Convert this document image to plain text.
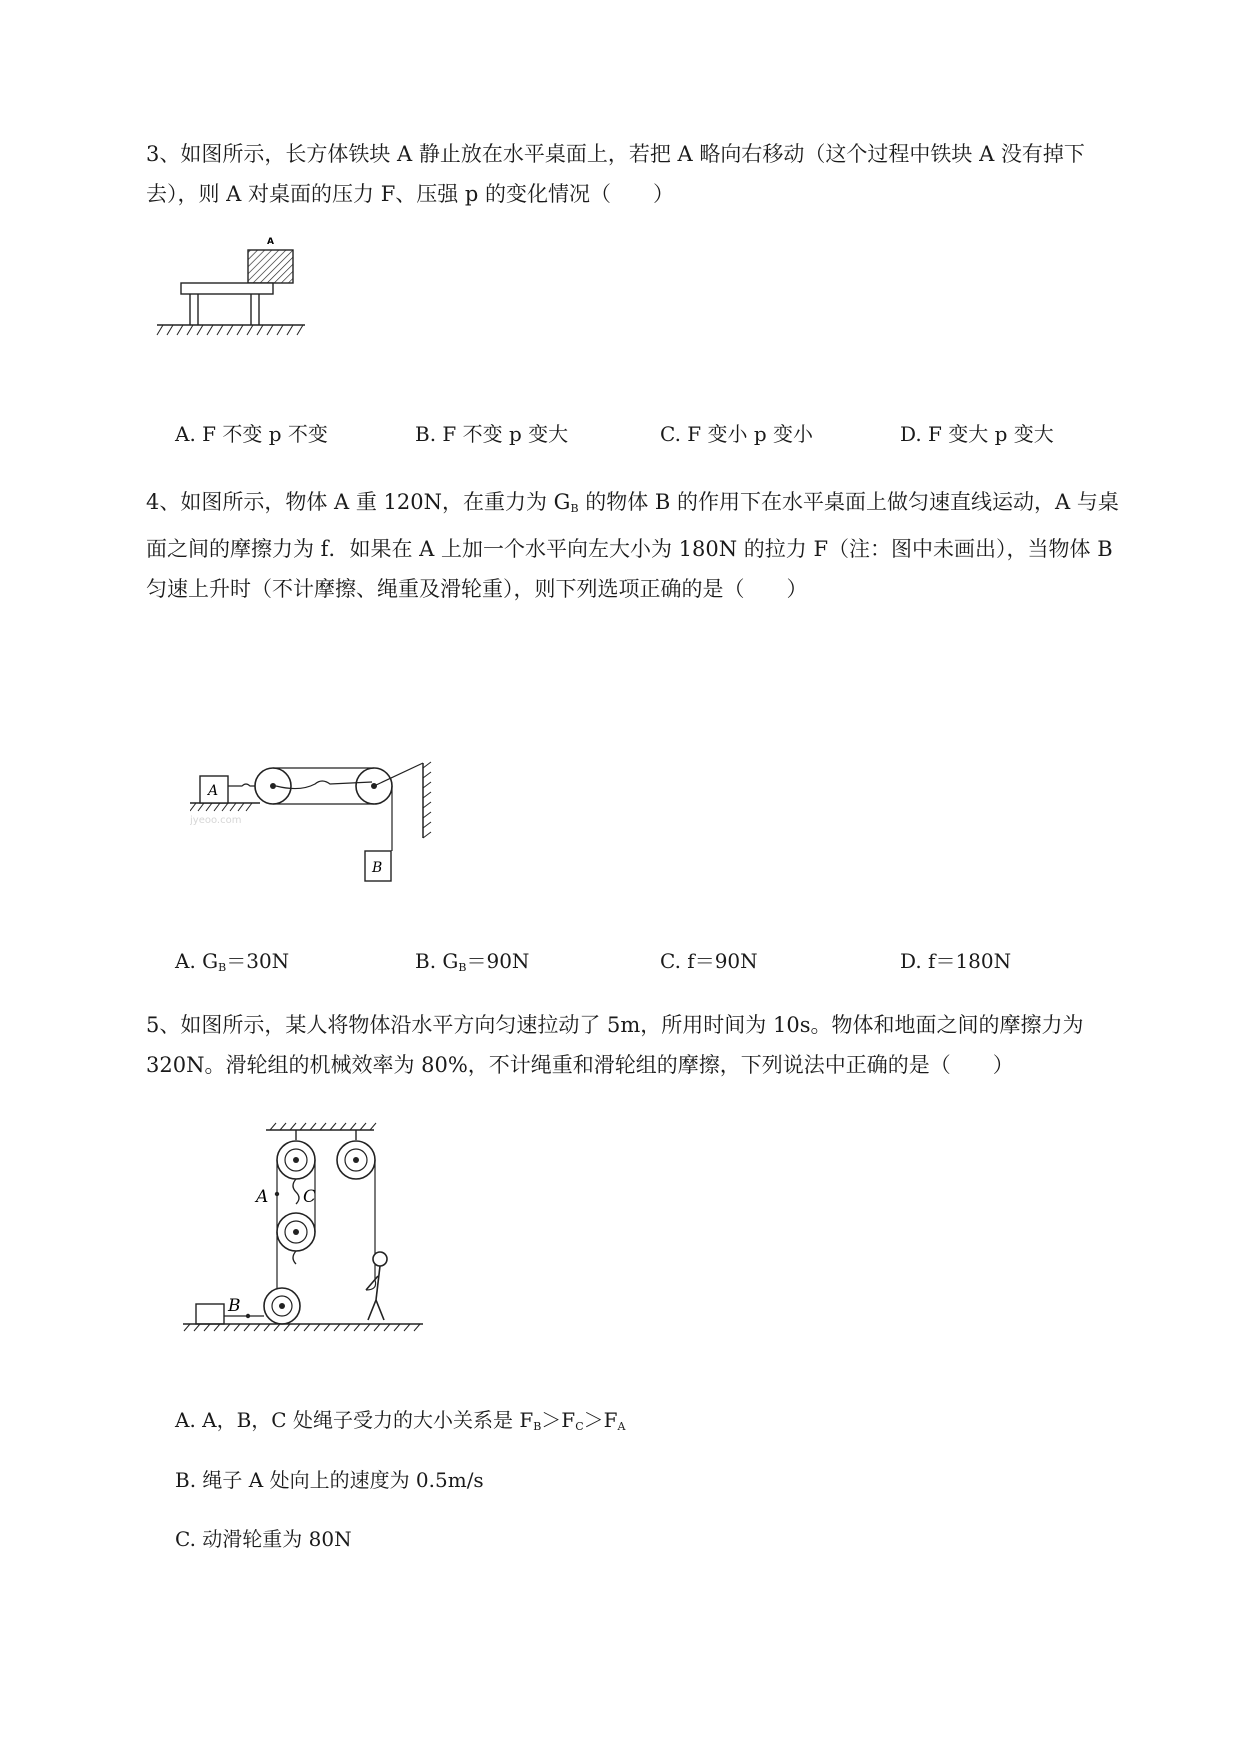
3、如图所示，长方体铁块 A 静止放在水平桌面上，若把 A 略向右移动（这个过程中铁块 A 没有掉下

去），则 A 对桌面的压力 F、压强 p 的变化情况（　　）

A
A. F 不变 p 不变	B. F 不变 p 变大	C. F 变小 p 变小	D. F 变大 p 变大

4、如图所示，物体 A 重 120N，在重力为 $G_B$ 的物体 B 的作用下在水平桌面上做匀速直线运动，A 与桌

面之间的摩擦力为 f．如果在 A 上加一个水平向左大小为 180N 的拉力 F（注：图中未画出），当物体 B

匀速上升时（不计摩擦、绳重及滑轮重），则下列选项正确的是（　　）

A
B
jyeoo.com
A. $G_B=30N$	B. $G_B=90N$	C. f＝90N	D. f＝180N

5、如图所示，某人将物体沿水平方向匀速拉动了 5m，所用时间为 10s。物体和地面之间的摩擦力为

320N。滑轮组的机械效率为 80%，不计绳重和滑轮组的摩擦，下列说法中正确的是（　　）

A C
B
A. A，B，C 处绳子受力的大小关系是 $F_B>F_C>F_A$
B. 绳子 A 处向上的速度为 0.5m/s
C. 动滑轮重为 80N
